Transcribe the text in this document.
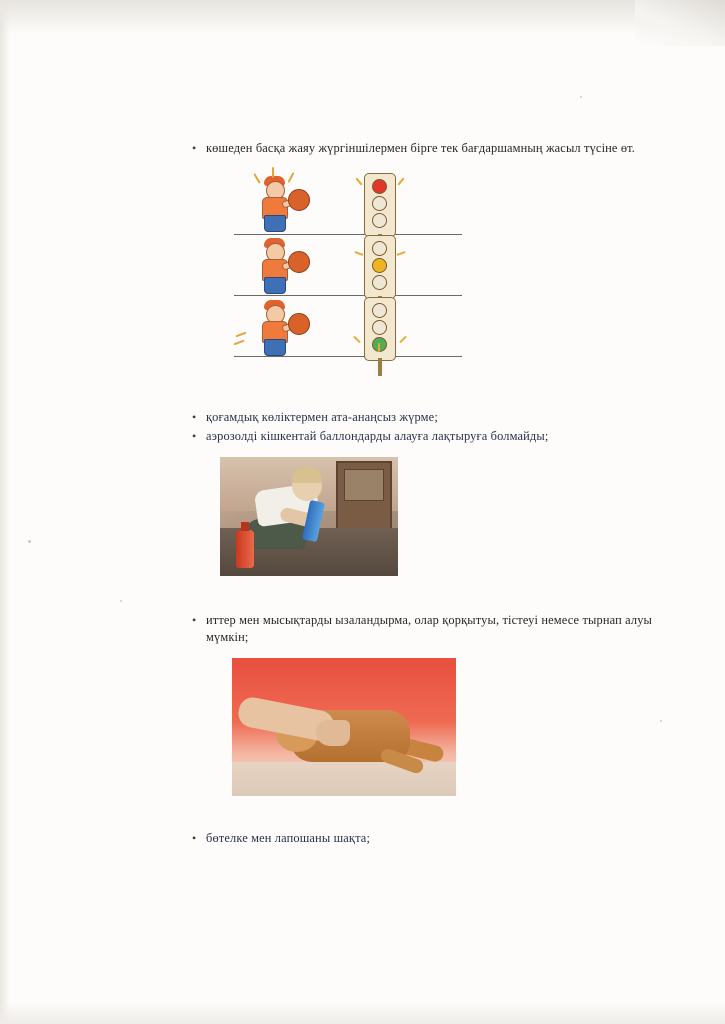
• көшеден басқа жаяу жүргіншілермен бірге тек бағдаршамның жасыл түсіне өт.
• қоғамдық көліктермен ата-анаңсыз жүрме;
• аэрозолді кішкентай баллондарды алауға лақтыруға болмайды;
• иттер мен мысықтарды ызаландырма, олар қорқытуы, тістеуі немесе тырнап алуы мүмкін;
• бөтелке мен лапошаны шақта;
